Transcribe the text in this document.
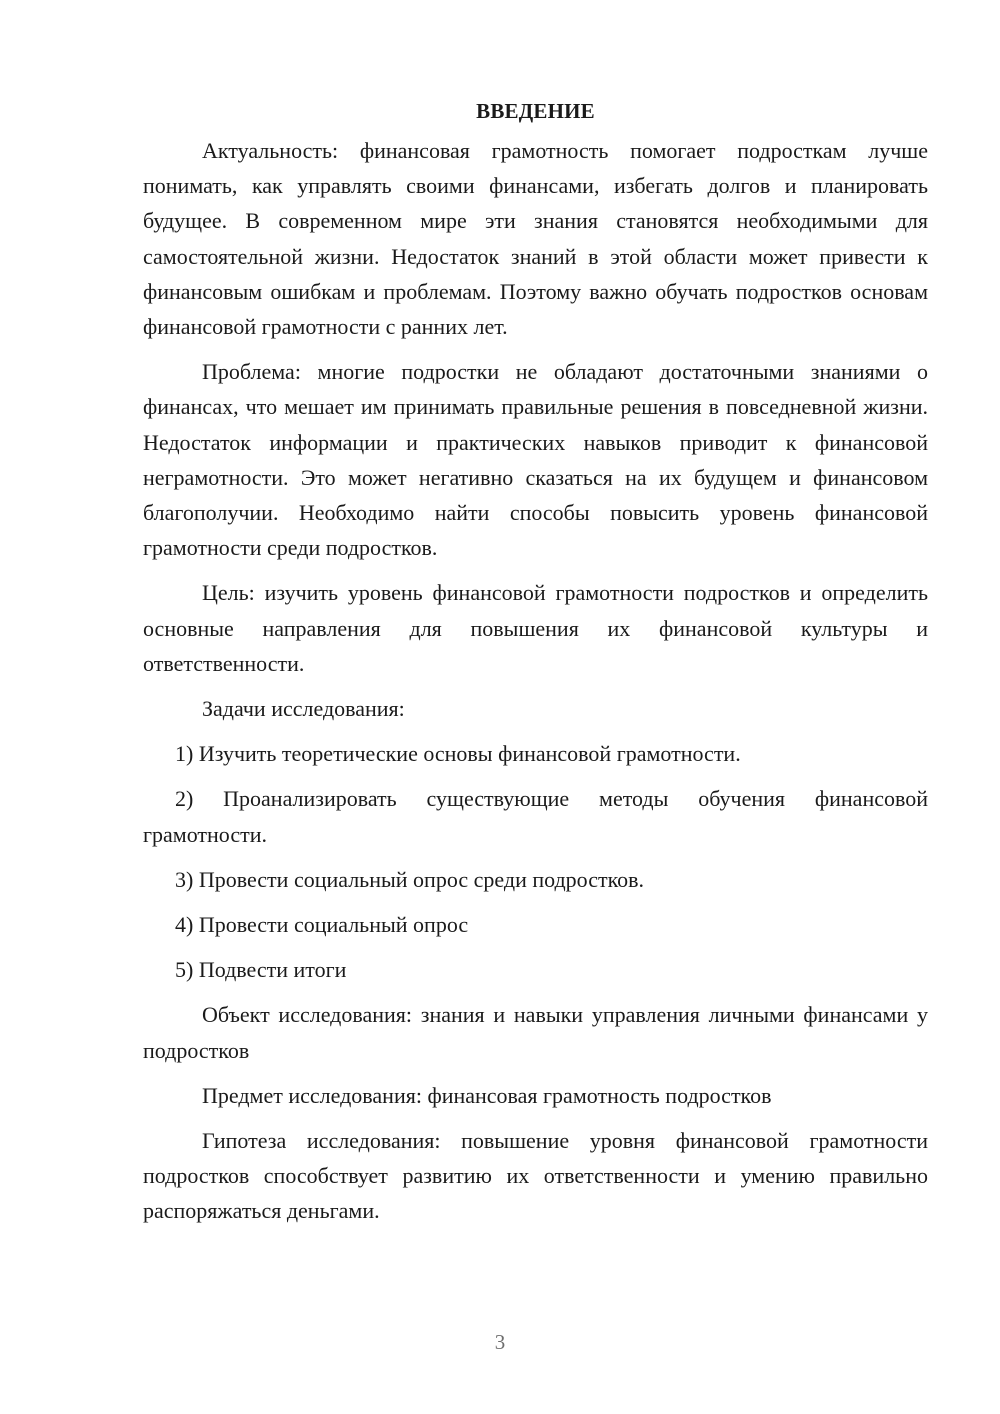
ВВЕДЕНИЕ
Актуальность: финансовая грамотность помогает подросткам лучше понимать, как управлять своими финансами, избегать долгов и планировать будущее. В современном мире эти знания становятся необходимыми для самостоятельной жизни. Недостаток знаний в этой области может привести к финансовым ошибкам и проблемам. Поэтому важно обучать подростков основам финансовой грамотности с ранних лет.
Проблема: многие подростки не обладают достаточными знаниями о финансах, что мешает им принимать правильные решения в повседневной жизни. Недостаток информации и практических навыков приводит к финансовой неграмотности. Это может негативно сказаться на их будущем и финансовом благополучии. Необходимо найти способы повысить уровень финансовой грамотности среди подростков.
Цель: изучить уровень финансовой грамотности подростков и определить основные направления для повышения их финансовой культуры и ответственности.
Задачи исследования:
1) Изучить теоретические основы финансовой грамотности.
2) Проанализировать существующие методы обучения финансовой грамотности.
3) Провести социальный опрос среди подростков.
4) Провести социальный опрос
5) Подвести итоги
Объект исследования: знания и навыки управления личными финансами у подростков
Предмет исследования: финансовая грамотность подростков
Гипотеза исследования: повышение уровня финансовой грамотности подростков способствует развитию их ответственности и умению правильно распоряжаться деньгами.
3
